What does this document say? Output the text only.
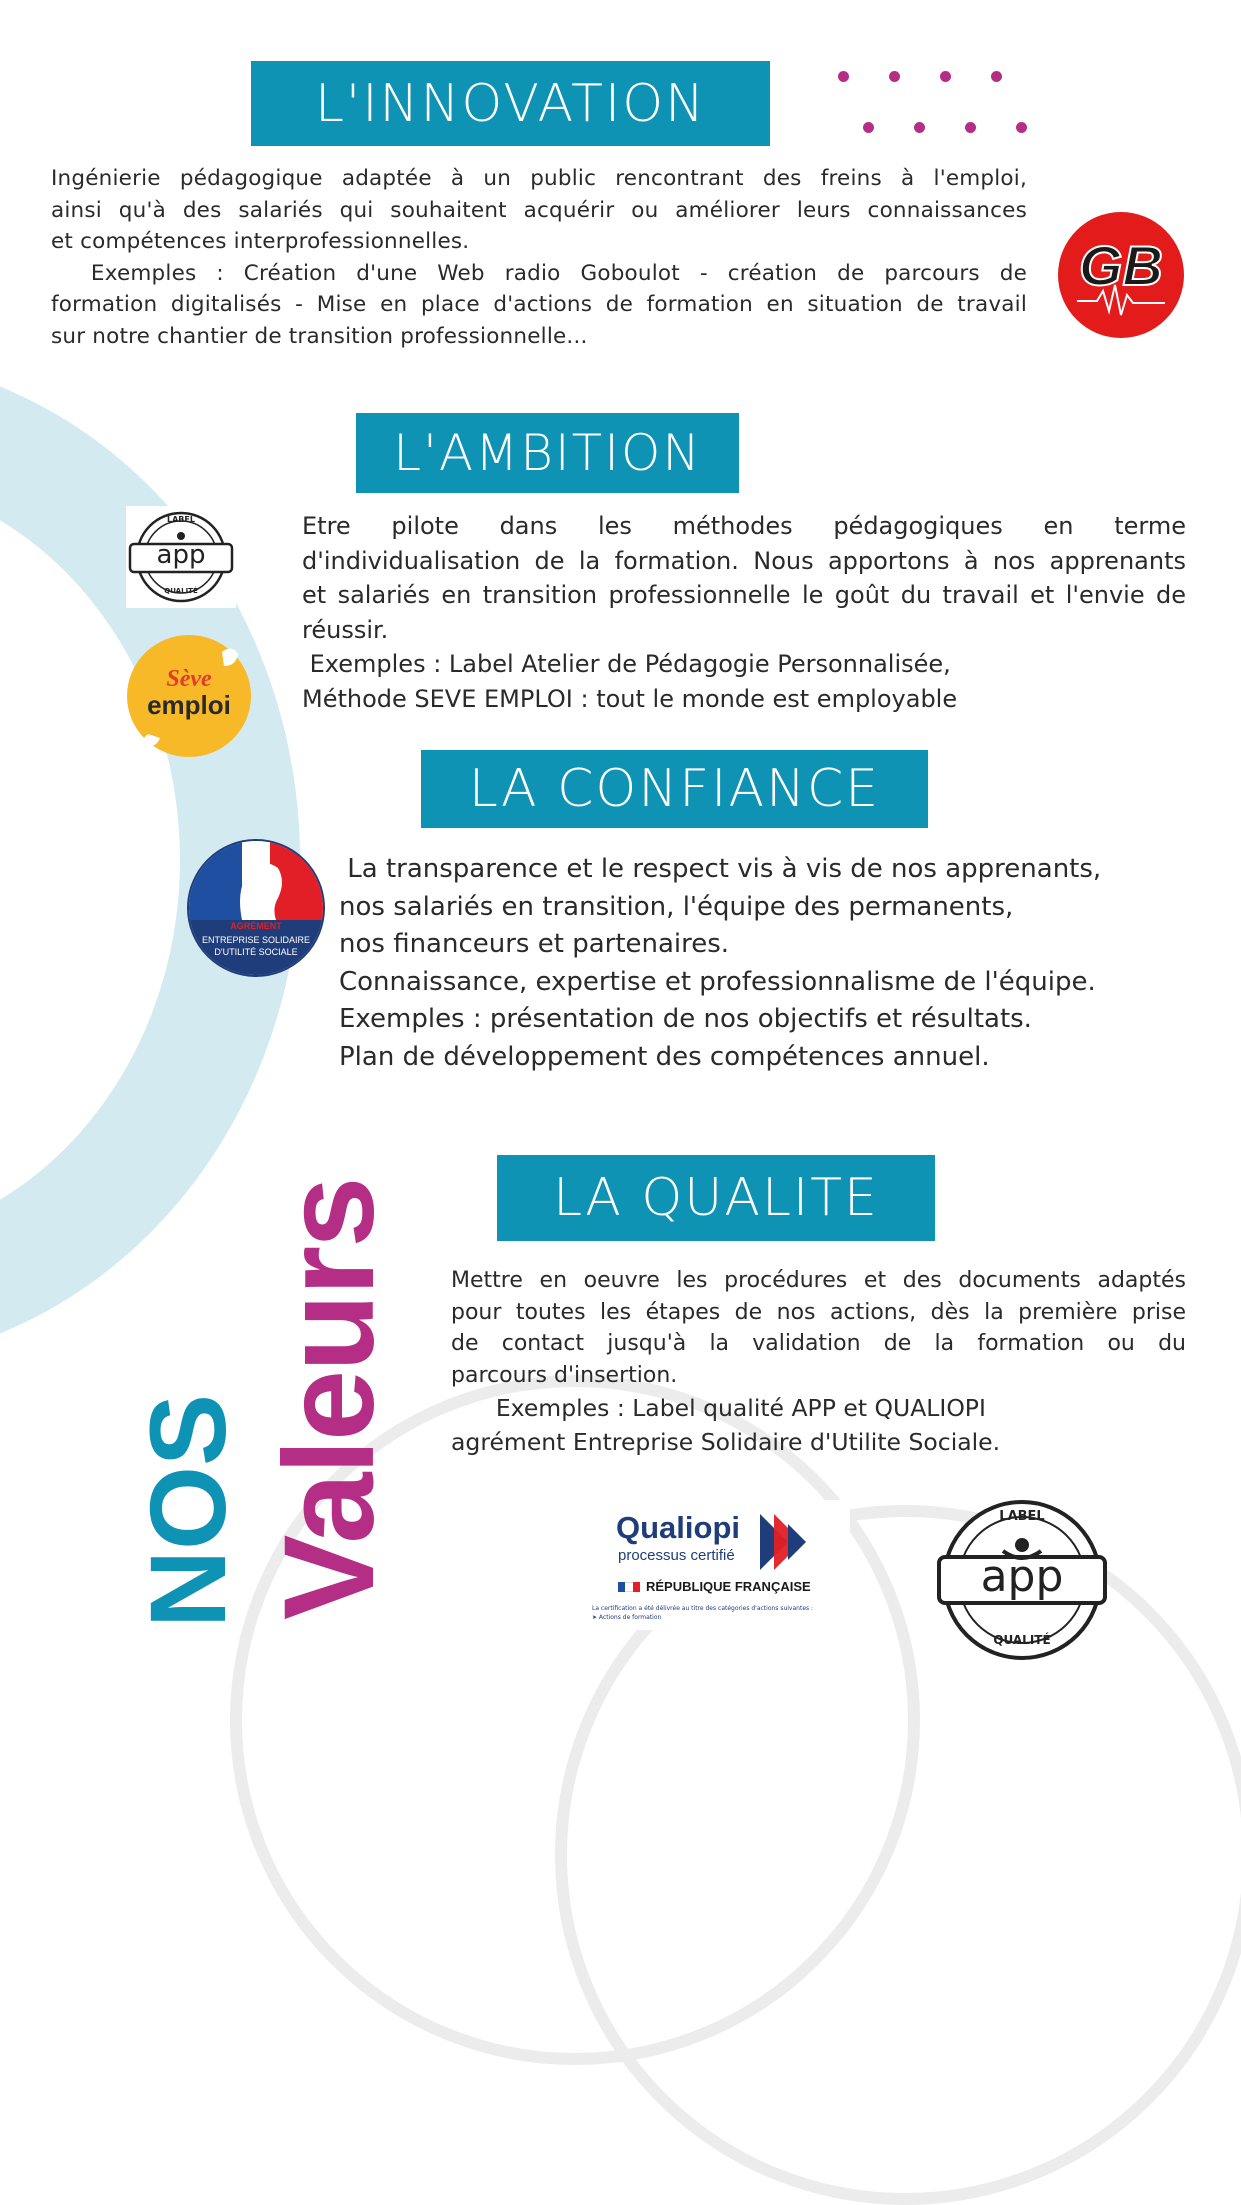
L'INNOVATION
Ingénierie pédagogique adaptée à un public rencontrant des freins à l'emploi,
ainsi qu'à des salariés qui souhaitent acquérir ou améliorer leurs connaissances
et compétences interprofessionnelles.
Exemples : Création d'une Web radio Goboulot - création de parcours de
formation digitalisés - Mise en place d'actions de formation en situation de travail
sur notre chantier de transition professionnelle...
GB
L'AMBITION
Etre pilote dans les méthodes pédagogiques en terme
d'individualisation de la formation. Nous apportons à nos apprenants
et salariés en transition professionnelle le goût du travail et l'envie de
réussir.
Exemples : Label Atelier de Pédagogie Personnalisée,
Méthode SEVE EMPLOI : tout le monde est employable
LABEL
app
QUALITÉ
Sève
emploi
LA CONFIANCE
La transparence et le respect vis à vis de nos apprenants,
nos salariés en transition, l'équipe des permanents,
nos financeurs et partenaires.
Connaissance, expertise et professionnalisme de l'équipe.
Exemples : présentation de nos objectifs et résultats.
Plan de développement des compétences annuel.
AGRÉMENT
ENTREPRISE SOLIDAIRE
D'UTILITÉ SOCIALE
LA QUALITE
Mettre en oeuvre les procédures et des documents adaptés
pour toutes les étapes de nos actions, dès la première prise
de contact jusqu'à la validation de la formation ou du
parcours d'insertion.
Exemples : Label qualité APP et QUALIOPI
agrément Entreprise Solidaire d'Utilite Sociale.
NOS Valeurs	Qualiopi
processus certifié
RÉPUBLIQUE FRANÇAISE
La certification a été délivrée au titre des catégories d'actions suivantes :
➤ Actions de formation
LABEL
app
QUALITÉ
